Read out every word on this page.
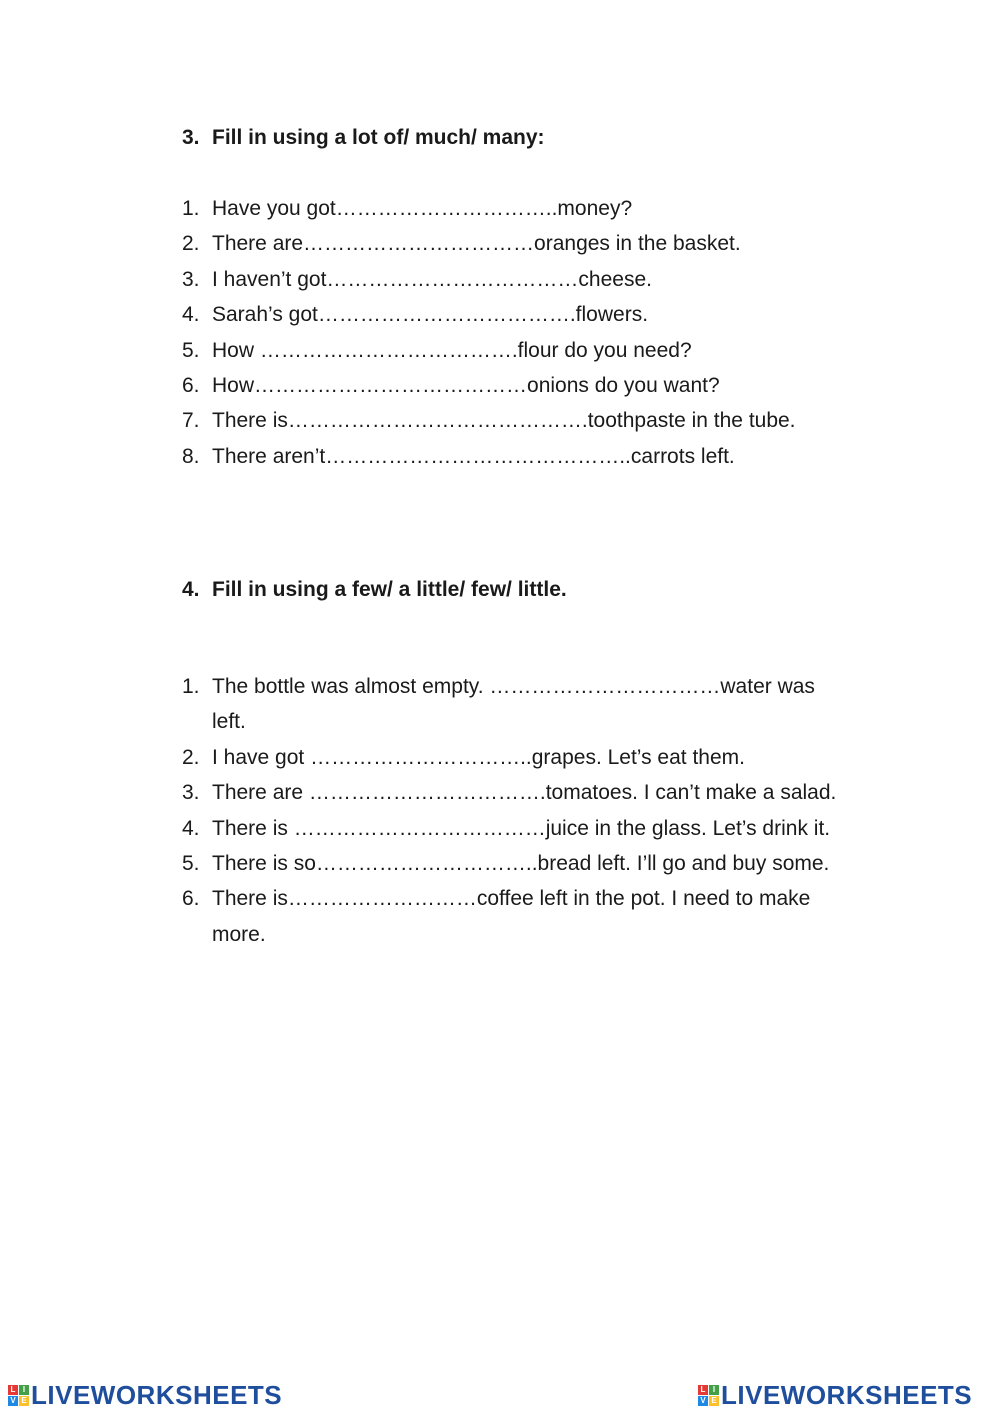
3. Fill in using a lot of/ much/ many:
1. Have you got…………………………..money?
2. There are……………………………oranges in the basket.
3. I haven’t got………………………………cheese.
4. Sarah’s got……………………………….flowers.
5. How ……………………………….flour do you need?
6. How…………………………………onions do you want?
7. There is…………………………………….toothpaste in the tube.
8. There aren’t……………………………………..carrots left.
4. Fill in using a few/ a little/ few/ little.
1. The bottle was almost empty. ……………………………water was left.
2. I have got …………………………..grapes. Let’s eat them.
3. There are …………………………….tomatoes. I can’t make a salad.
4. There is ………………………………juice in the glass. Let’s drink it.
5. There is so…………………………..bread left. I’ll go and buy some.
6. There is………………………coffee left in the pot. I need to make more.
L I
V E LIVEWORKSHEETS	L I
V E LIVEWORKSHEETS
